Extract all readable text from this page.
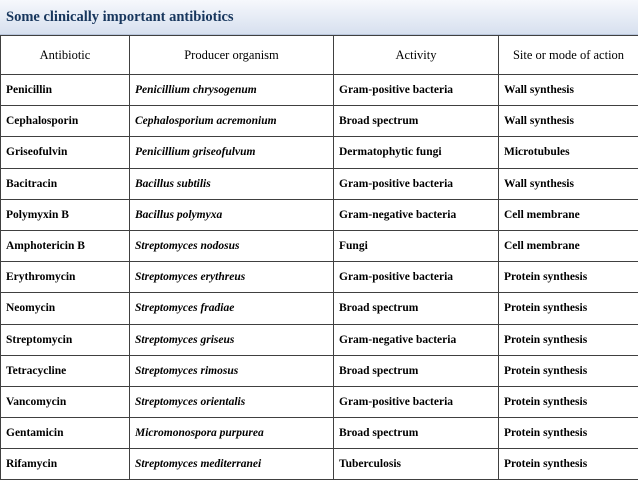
Some clinically important antibiotics
Antibiotic	Producer organism	Activity	Site or mode of action
Penicillin	Penicillium chrysogenum	Gram-positive bacteria	Wall synthesis
Cephalosporin	Cephalosporium acremonium	Broad spectrum	Wall synthesis
Griseofulvin	Penicillium griseofulvum	Dermatophytic fungi	Microtubules
Bacitracin	Bacillus subtilis	Gram-positive bacteria	Wall synthesis
Polymyxin B	Bacillus polymyxa	Gram-negative bacteria	Cell membrane
Amphotericin B	Streptomyces nodosus	Fungi	Cell membrane
Erythromycin	Streptomyces erythreus	Gram-positive bacteria	Protein synthesis
Neomycin	Streptomyces fradiae	Broad spectrum	Protein synthesis
Streptomycin	Streptomyces griseus	Gram-negative bacteria	Protein synthesis
Tetracycline	Streptomyces rimosus	Broad spectrum	Protein synthesis
Vancomycin	Streptomyces orientalis	Gram-positive bacteria	Protein synthesis
Gentamicin	Micromonospora purpurea	Broad spectrum	Protein synthesis
Rifamycin	Streptomyces mediterranei	Tuberculosis	Protein synthesis
